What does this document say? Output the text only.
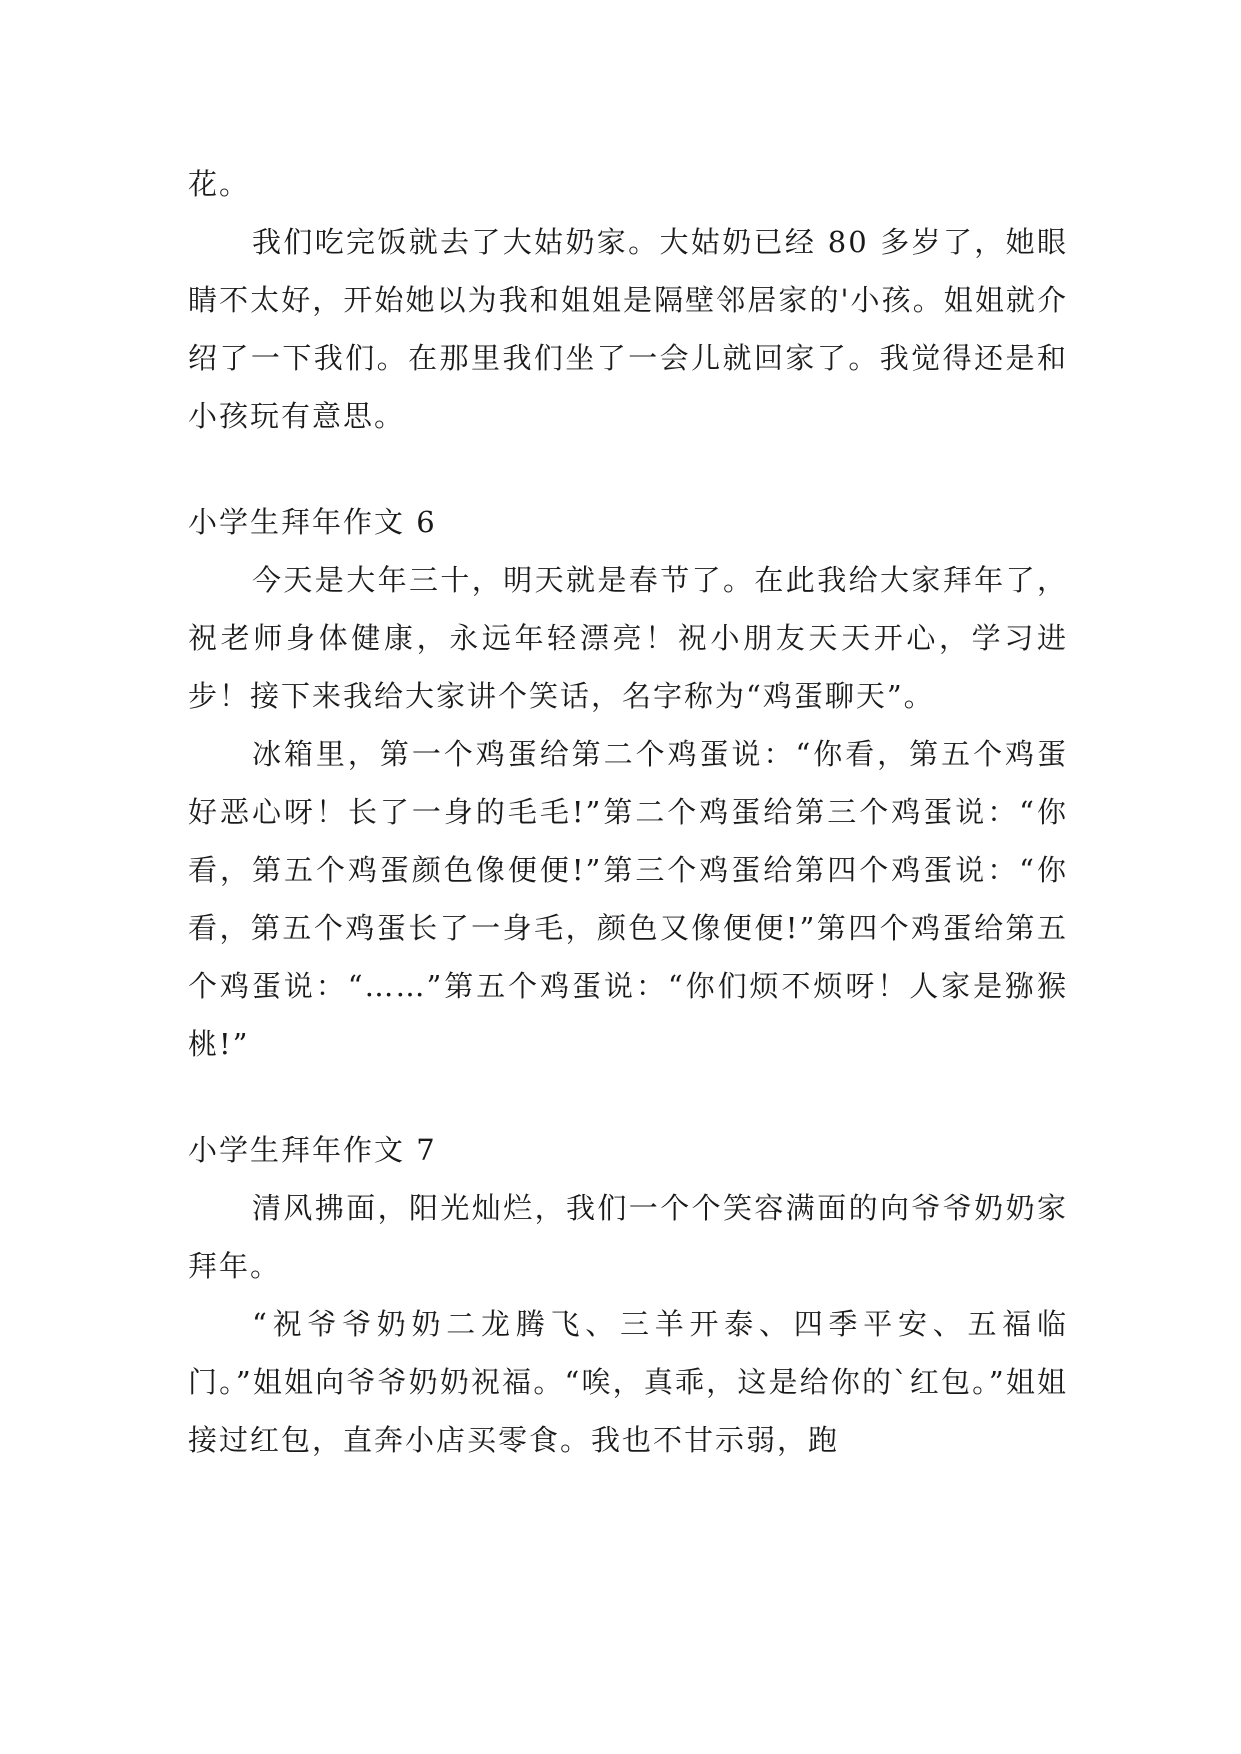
花。

我们吃完饭就去了大姑奶家。大姑奶已经 80 多岁了，她眼睛不太好，开始她以为我和姐姐是隔壁邻居家的'小孩。姐姐就介绍了一下我们。在那里我们坐了一会儿就回家了。我觉得还是和小孩玩有意思。

小学生拜年作文 6

今天是大年三十，明天就是春节了。在此我给大家拜年了，祝老师身体健康，永远年轻漂亮！祝小朋友天天开心，学习进步！接下来我给大家讲个笑话，名字称为“鸡蛋聊天”。

冰箱里，第一个鸡蛋给第二个鸡蛋说：“你看，第五个鸡蛋好恶心呀！长了一身的毛毛!”第二个鸡蛋给第三个鸡蛋说：“你看，第五个鸡蛋颜色像便便!”第三个鸡蛋给第四个鸡蛋说：“你看，第五个鸡蛋长了一身毛，颜色又像便便!”第四个鸡蛋给第五个鸡蛋说：“……”第五个鸡蛋说：“你们烦不烦呀！人家是猕猴桃!”

小学生拜年作文 7

清风拂面，阳光灿烂，我们一个个笑容满面的向爷爷奶奶家拜年。

“祝爷爷奶奶二龙腾飞、三羊开泰、四季平安、五福临门。”姐姐向爷爷奶奶祝福。“唉，真乖，这是给你的`红包。”姐姐接过红包，直奔小店买零食。我也不甘示弱，跑
